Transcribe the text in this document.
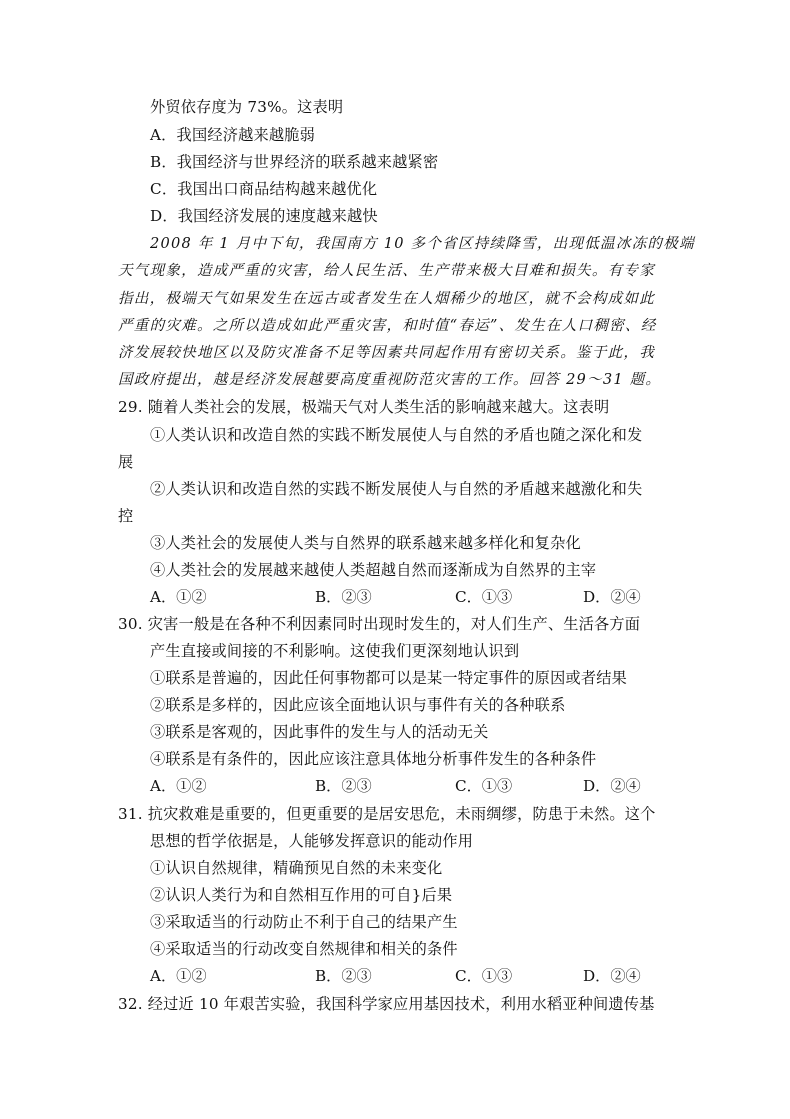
外贸依存度为 73%。这表明
A．我国经济越来越脆弱
B．我国经济与世界经济的联系越来越紧密
C．我国出口商品结构越来越优化
D．我国经济发展的速度越来越快
2008 年 1 月中下旬，我国南方 10 多个省区持续降雪，出现低温冰冻的极端
天气现象，造成严重的灾害，给人民生活、生产带来极大目难和损失。有专家
指出，极端天气如果发生在远古或者发生在人烟稀少的地区，就不会构成如此
严重的灾难。之所以造成如此严重灾害，和时值“春运”、发生在人口稠密、经
济发展较快地区以及防灾准备不足等因素共同起作用有密切关系。鉴于此，我
国政府提出，越是经济发展越要高度重视防范灾害的工作。回答 29～31 题。
29. 随着人类社会的发展，极端天气对人类生活的影响越来越大。这表明
①人类认识和改造自然的实践不断发展使人与自然的矛盾也随之深化和发
展
②人类认识和改造自然的实践不断发展使人与自然的矛盾越来越激化和失
控
③人类社会的发展使人类与自然界的联系越来越多样化和复杂化
④人类社会的发展越来越使人类超越自然而逐渐成为自然界的主宰
A．①②	B．②③	C．①③	D．②④
30. 灾害一般是在各种不利因素同时出现时发生的，对人们生产、生活各方面
产生直接或间接的不利影响。这使我们更深刻地认识到
①联系是普遍的，因此任何事物都可以是某一特定事件的原因或者结果
②联系是多样的，因此应该全面地认识与事件有关的各种联系
③联系是客观的，因此事件的发生与人的活动无关
④联系是有条件的，因此应该注意具体地分析事件发生的各种条件
A．①②	B．②③	C．①③	D．②④
31. 抗灾救难是重要的，但更重要的是居安思危，未雨绸缪，防患于未然。这个
思想的哲学依据是，人能够发挥意识的能动作用
①认识自然规律，精确预见自然的未来变化
②认识人类行为和自然相互作用的可自}后果
③采取适当的行动防止不利于自己的结果产生
④采取适当的行动改变自然规律和相关的条件
A．①②	B．②③	C．①③	D．②④
32. 经过近 10 年艰苦实验，我国科学家应用基因技术，利用水稻亚种间遗传基
